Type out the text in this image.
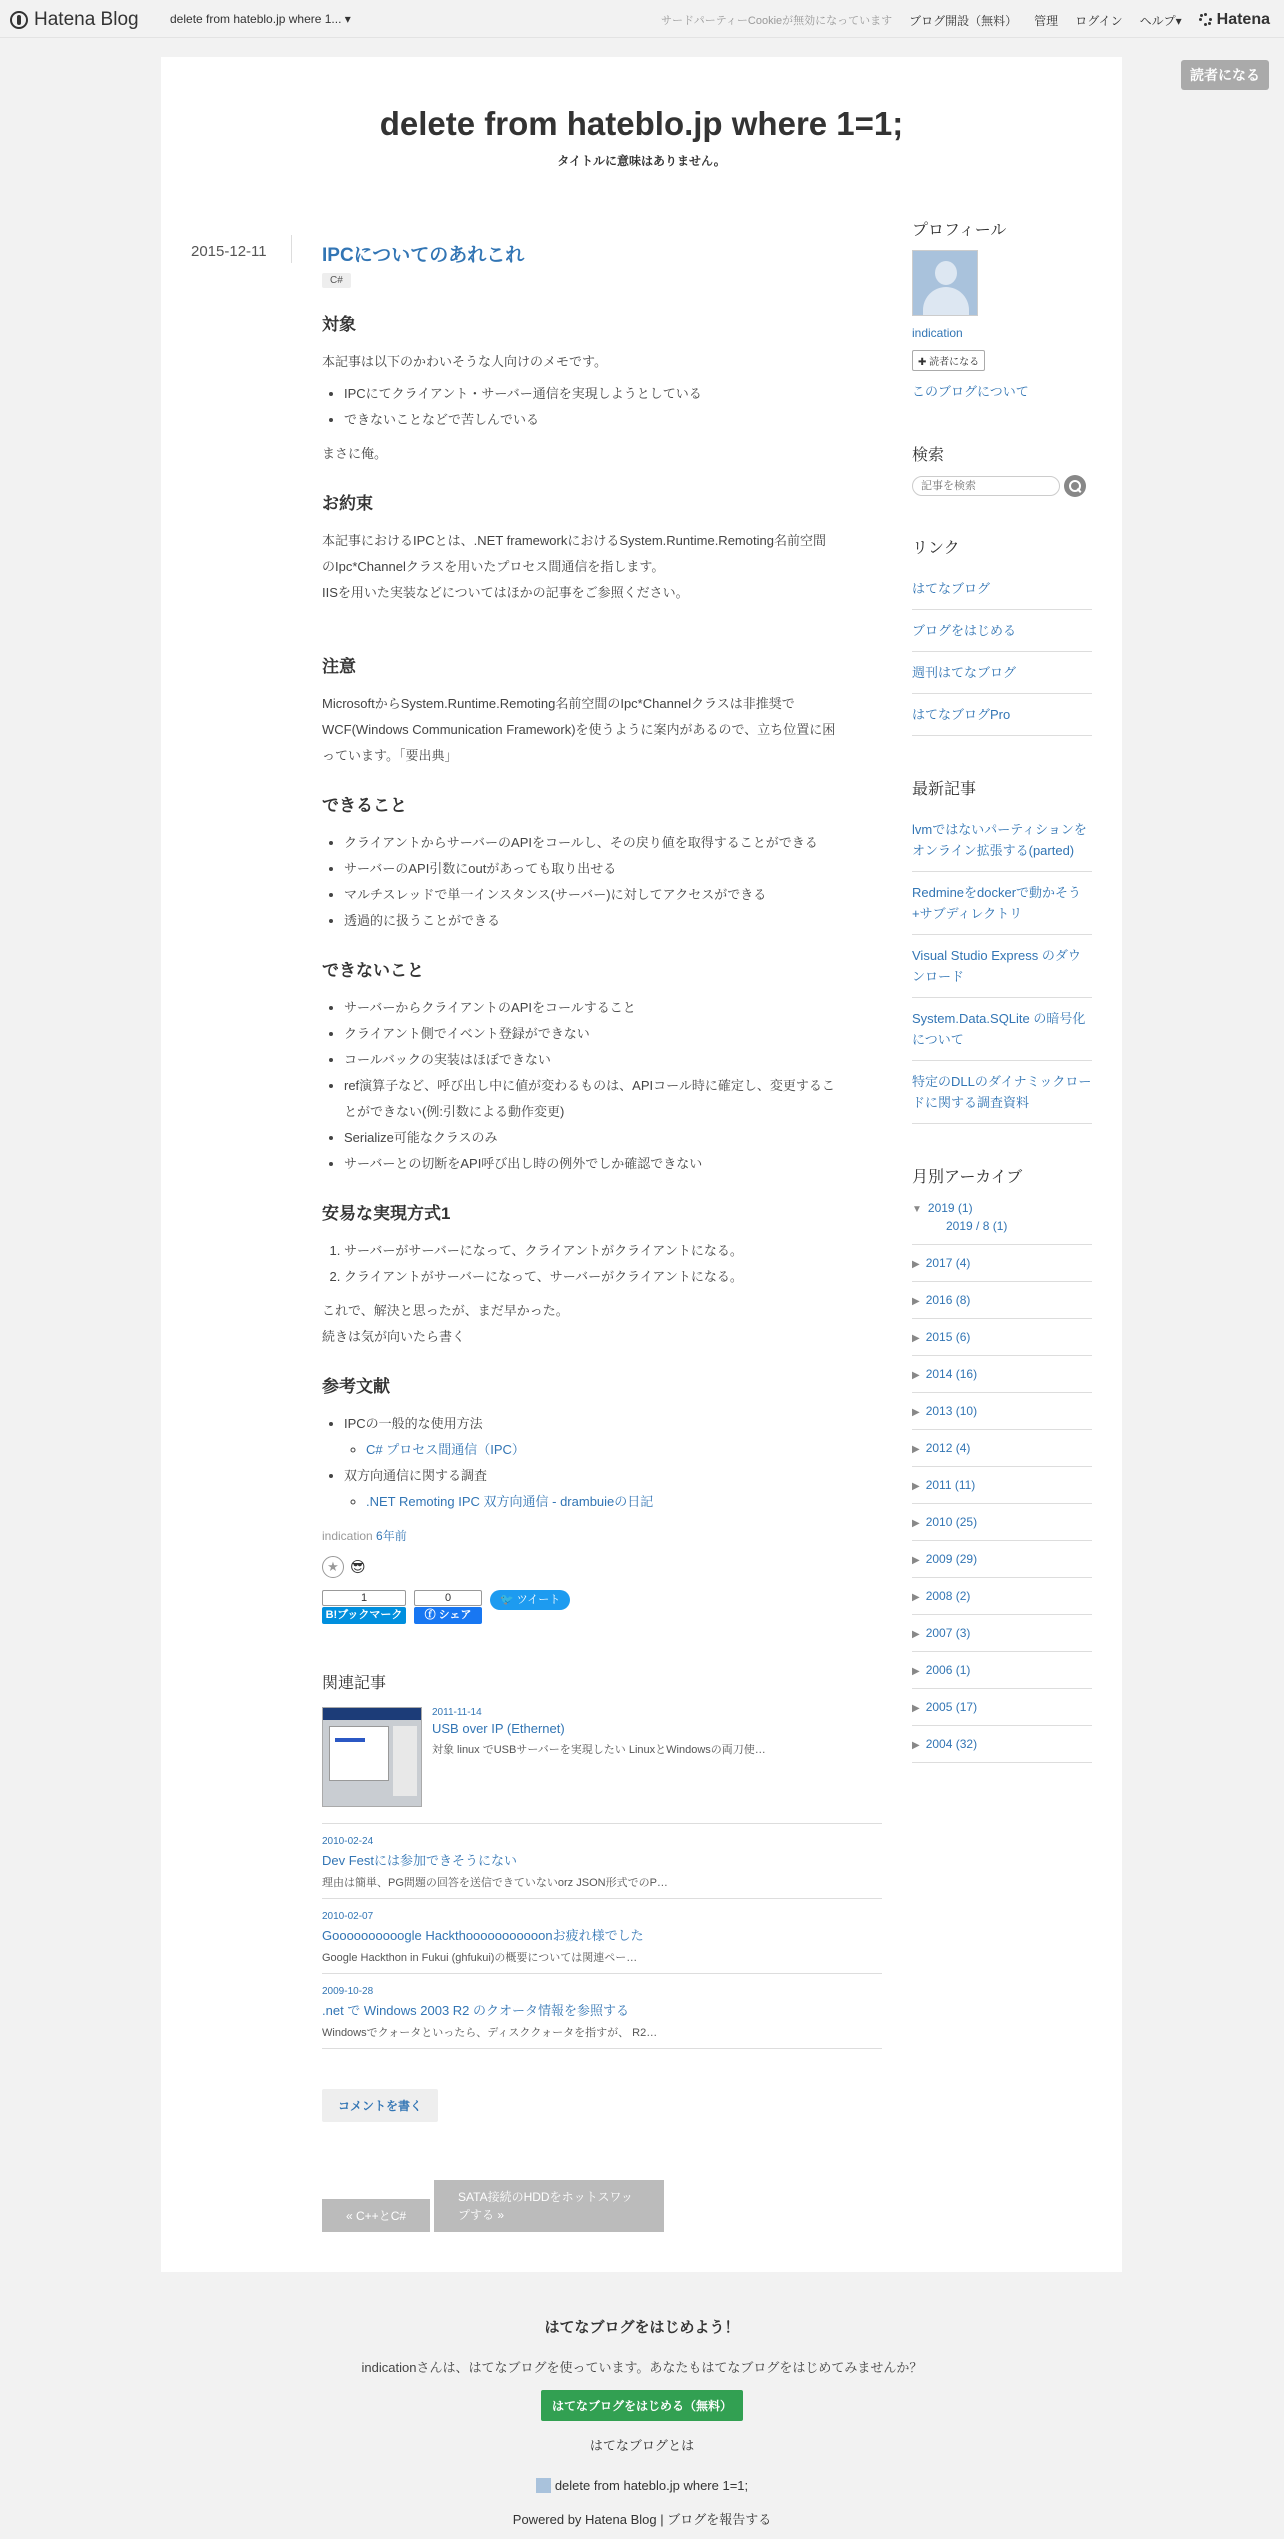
Hatena Blog	delete from hateblo.jp where 1... ▾	サードパーティーCookieが無効になっています ブログ開設（無料） 管理 ログイン ヘルプ▾ Hatena
読者になる
delete from hateblo.jp where 1=1;
タイトルに意味はありません。
2015-12-11	IPCについてのあれこれ
C#
対象

本記事は以下のかわいそうな人向けのメモです。

• IPCにてクライアント・サーバー通信を実現しようとしている
• できないことなどで苦しんでいる

まさに俺。

お約束

本記事におけるIPCとは、.NET frameworkにおけるSystem.Runtime.Remoting名前空間

のIpc*Channelクラスを用いたプロセス間通信を指します。

IISを用いた実装などについてはほかの記事をご参照ください。

注意

MicrosoftからSystem.Runtime.Remoting名前空間のIpc*Channelクラスは非推奨で

WCF(Windows Communication Framework)を使うように案内があるので、立ち位置に困

っています。「要出典」

できること
• クライアントからサーバーのAPIをコールし、その戻り値を取得することができる
• サーバーのAPI引数にoutがあっても取り出せる
• マルチスレッドで単一インスタンス(サーバー)に対してアクセスができる
• 透過的に扱うことができる
できないこと
• サーバーからクライアントのAPIをコールすること
• クライアント側でイベント登録ができない
• コールバックの実装はほぼできない
• ref演算子など、呼び出し中に値が変わるものは、APIコール時に確定し、変更するこ
とができない(例:引数による動作変更)
• Serialize可能なクラスのみ
• サーバーとの切断をAPI呼び出し時の例外でしか確認できない
安易な実現方式1
1. サーバーがサーバーになって、クライアントがクライアントになる。
2. クライアントがサーバーになって、サーバーがクライアントになる。

これで、解決と思ったが、まだ早かった。

続きは気が向いたら書く

参考文献
• IPCの一般的な使用方法
◦ C# プロセス間通信（IPC）
• 双方向通信に関する調査
◦ .NET Remoting IPC 双方向通信 - drambuieの日記
indication 6年前
★ 😎
1
B!ブックマーク
0
ⓕ シェア
🐦 ツイート
関連記事
2011-11-14
USB over IP (Ethernet)
対象 linux でUSBサーバーを実現したい LinuxとWindowsの両刀使…
2010-02-24
Dev Festには参加できそうにない
理由は簡単、PG問題の回答を送信できていないorz JSON形式でのP…
2010-02-07
Goooooooooogle Hackthooooooooooonお疲れ様でした
Google Hackthon in Fukui (ghfukui)の概要については関連ペー…
2009-10-28
.net で Windows 2003 R2 のクオータ情報を参照する
Windowsでクォータといったら、ディスククォータを指すが、 R2…
コメントを書く
« C++とC#
SATA接続のHDDをホットスワップする »
プロフィール
indication
✚ 読者になる
このブログについて
検索
記事を検索
リンク
はてなブログ
ブログをはじめる
週刊はてなブログ
はてなブログPro
最新記事
lvmではないパーティションをオンライン拡張する(parted)
Redmineをdockerで動かそう+サブディレクトリ
Visual Studio Express のダウンロード
System.Data.SQLite の暗号化について
特定のDLLのダイナミックロードに関する調査資料
月別アーカイブ
▼ 2019 (1)
2019 / 8 (1)
▶ 2017 (4)
▶ 2016 (8)
▶ 2015 (6)
▶ 2014 (16)
▶ 2013 (10)
▶ 2012 (4)
▶ 2011 (11)
▶ 2010 (25)
▶ 2009 (29)
▶ 2008 (2)
▶ 2007 (3)
▶ 2006 (1)
▶ 2005 (17)
▶ 2004 (32)
はてなブログをはじめよう！
indicationさんは、はてなブログを使っています。あなたもはてなブログをはじめてみませんか？
はてなブログをはじめる（無料）
はてなブログとは
delete from hateblo.jp where 1=1;
Powered by Hatena Blog | ブログを報告する
